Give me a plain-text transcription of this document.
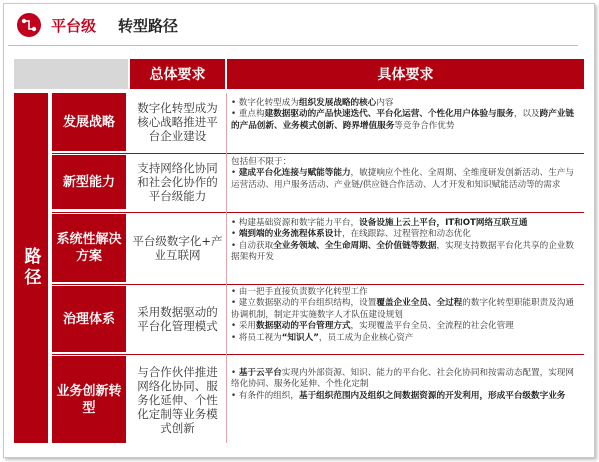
平台级 转型路径
总体要求	具体要求
路径
发展战略
数字化转型成为核心战略推进平台企业建设
• 数字化转型成为组织发展战略的核心内容
• 重点构建数据驱动的产品快速迭代、平台化运营、个性化用户体验与服务，以及跨产业链的产品创新、业务模式创新、跨界增值服务等竞争合作优势
新型能力
支持网络化协同和社会化协作的平台级能力
包括但不限于：
• 建成平台化连接与赋能等能力，敏捷响应个性化、全周期、全维度研发创新活动、生产与运营活动、用户服务活动、产业链/供应链合作活动、人才开发和知识赋能活动等的需求
系统性解决方案
平台级数字化+产业互联网
• 构建基础资源和数字能力平台，设备设施上云上平台，IT和OT网络互联互通
• 端到端的业务流程体系设计，在线跟踪、过程管控和动态优化
• 自动获取全业务领域、全生命周期、全价值链等数据，实现支持数据平台化共享的企业数据架构开发
治理体系	采用数据驱动的平台化管理模式
• 由一把手直接负责数字化转型工作
• 建立数据驱动的平台组织结构，设置覆盖企业全员、全过程的数字化转型职能职责及沟通协调机制，制定并实施数字人才队伍建设规划
• 采用数据驱动的平台管理方式，实现覆盖平台全员、全流程的社会化管理
• 将员工视为“知识人”，员工成为企业核心资产
业务创新转型
与合作伙伴推进网络化协同、服务化延伸、个性化定制等业务模式创新
• 基于云平台实现内外部资源、知识、能力的平台化、社会化协同和按需动态配置，实现网络化协同、服务化延伸、个性化定制
• 有条件的组织，基于组织范围内及组织之间数据资源的开发利用，形成平台级数字业务
